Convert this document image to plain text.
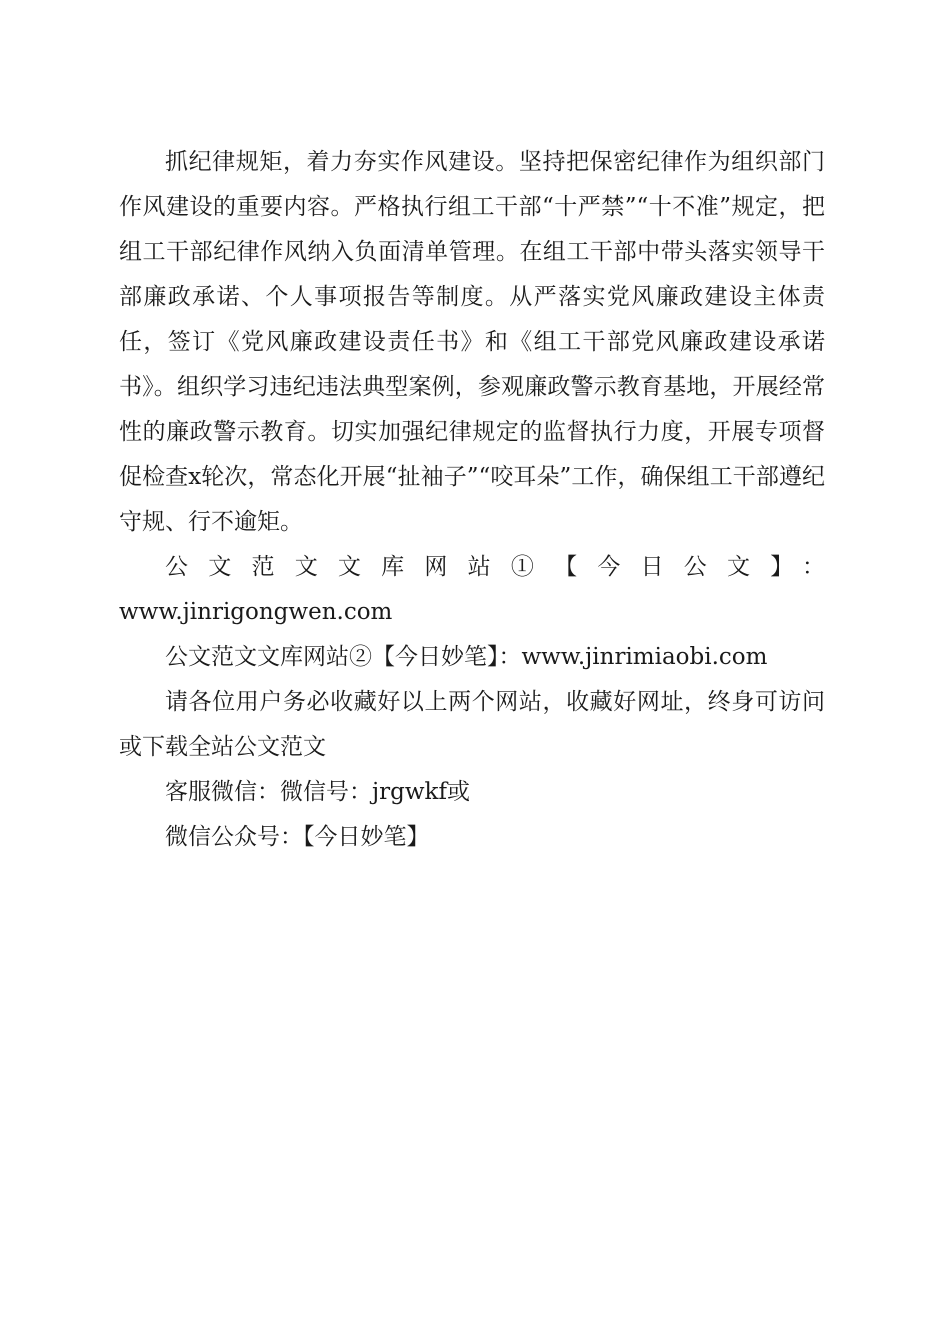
抓纪律规矩，着力夯实作风建设。坚持把保密纪律作为组织部门作风建设的重要内容。严格执行组工干部“十严禁”“十不准”规定，把组工干部纪律作风纳入负面清单管理。在组工干部中带头落实领导干部廉政承诺、个人事项报告等制度。从严落实党风廉政建设主体责任，签订《党风廉政建设责任书》和《组工干部党风廉政建设承诺书》。组织学习违纪违法典型案例，参观廉政警示教育基地，开展经常性的廉政警示教育。切实加强纪律规定的监督执行力度，开展专项督促检查x轮次，常态化开展“扯袖子”“咬耳朵”工作，确保组工干部遵纪守规、行不逾矩。

公文范文文库网站①【今日公文】：

www.jinrigongwen.com

公文范文文库网站②【今日妙笔】：www.jinrimiaobi.com

请各位用户务必收藏好以上两个网站，收藏好网址，终身可访问或下载全站公文范文

客服微信：微信号：jrgwkf或

微信公众号：【今日妙笔】
